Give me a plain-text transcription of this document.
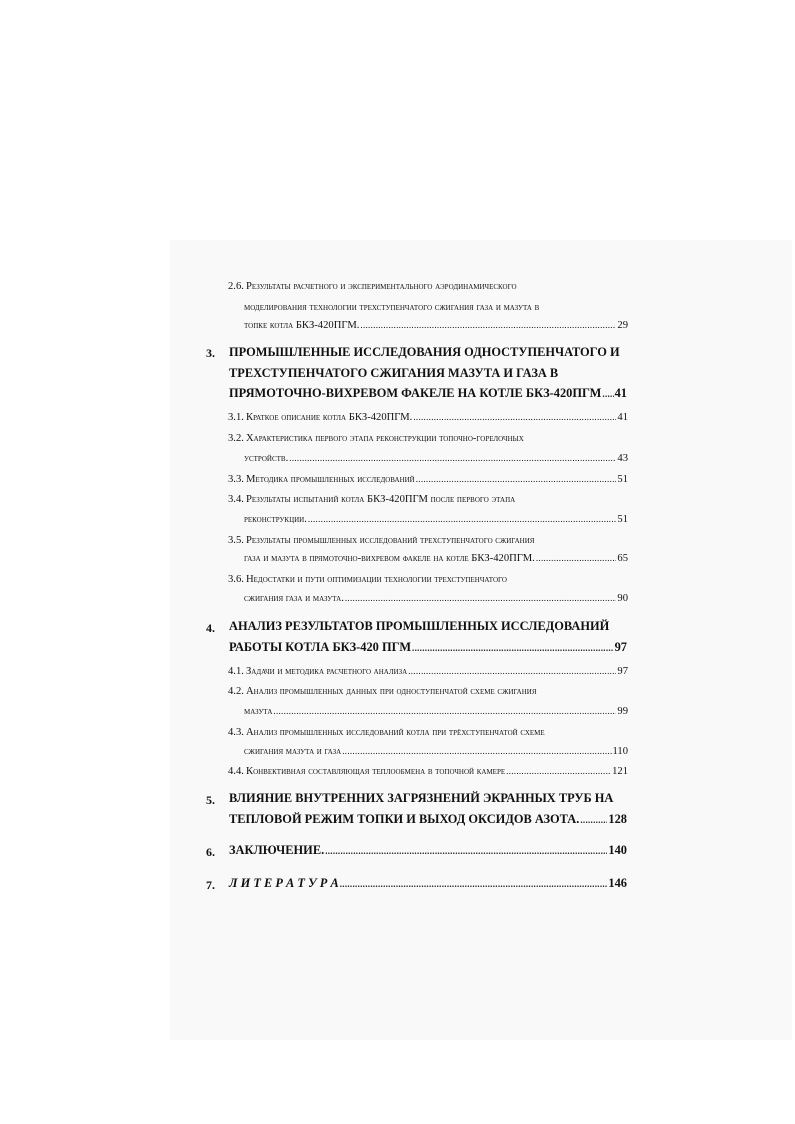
2.6. Результаты расчетного и экспериментального аэродинамического
моделирования технологии трехступенчатого сжигания газа и мазута в
топке котла БКЗ-420ПГМ. .....	29
3. ПРОМЫШЛЕННЫЕ ИССЛЕДОВАНИЯ ОДНОСТУПЕНЧАТОГО И
ТРЕХСТУПЕНЧАТОГО СЖИГАНИЯ МАЗУТА И ГАЗА В
ПРЯМОТОЧНО-ВИХРЕВОМ ФАКЕЛЕ НА КОТЛЕ БКЗ-420ПГМ ..... 41
3.1. Краткое описание котла БКЗ-420ПГМ. .....	41
3.2. Характеристика первого этапа реконструкции топочно-горелочных
устройств. .....	43
3.3. Методика промышленных исследований .....	51
3.4. Результаты испытаний котла БКЗ-420ПГМ после первого этапа
реконструкции. .....	51
3.5. Результаты промышленных исследований трехступенчатого сжигания
газа и мазута в прямоточно-вихревом факеле на котле БКЗ-420ПГМ. .....	65
3.6. Недостатки и пути оптимизации технологии трехступенчатого
сжигания газа и мазута. .....	90
4. АНАЛИЗ РЕЗУЛЬТАТОВ ПРОМЫШЛЕННЫХ ИССЛЕДОВАНИЙ
РАБОТЫ КОТЛА БКЗ-420 ПГМ .....	97
4.1. Задачи и методика расчетного анализа .....	97
4.2. Анализ промышленных данных при одноступенчатой схеме сжигания
мазута .....	99
4.3. Анализ промышленных исследований котла при трёхступенчатой схеме
сжигания мазута и газа .....	110
4.4. Конвективная составляющая теплообмена в топочной камере .....	121
5. ВЛИЯНИЕ ВНУТРЕННИХ ЗАГРЯЗНЕНИЙ ЭКРАННЫХ ТРУБ НА
ТЕПЛОВОЙ РЕЖИМ ТОПКИ И ВЫХОД ОКСИДОВ АЗОТА. ..... 128
6. ЗАКЛЮЧЕНИЕ. .....	140
7. Л И Т Е Р А Т У Р А .....	146
